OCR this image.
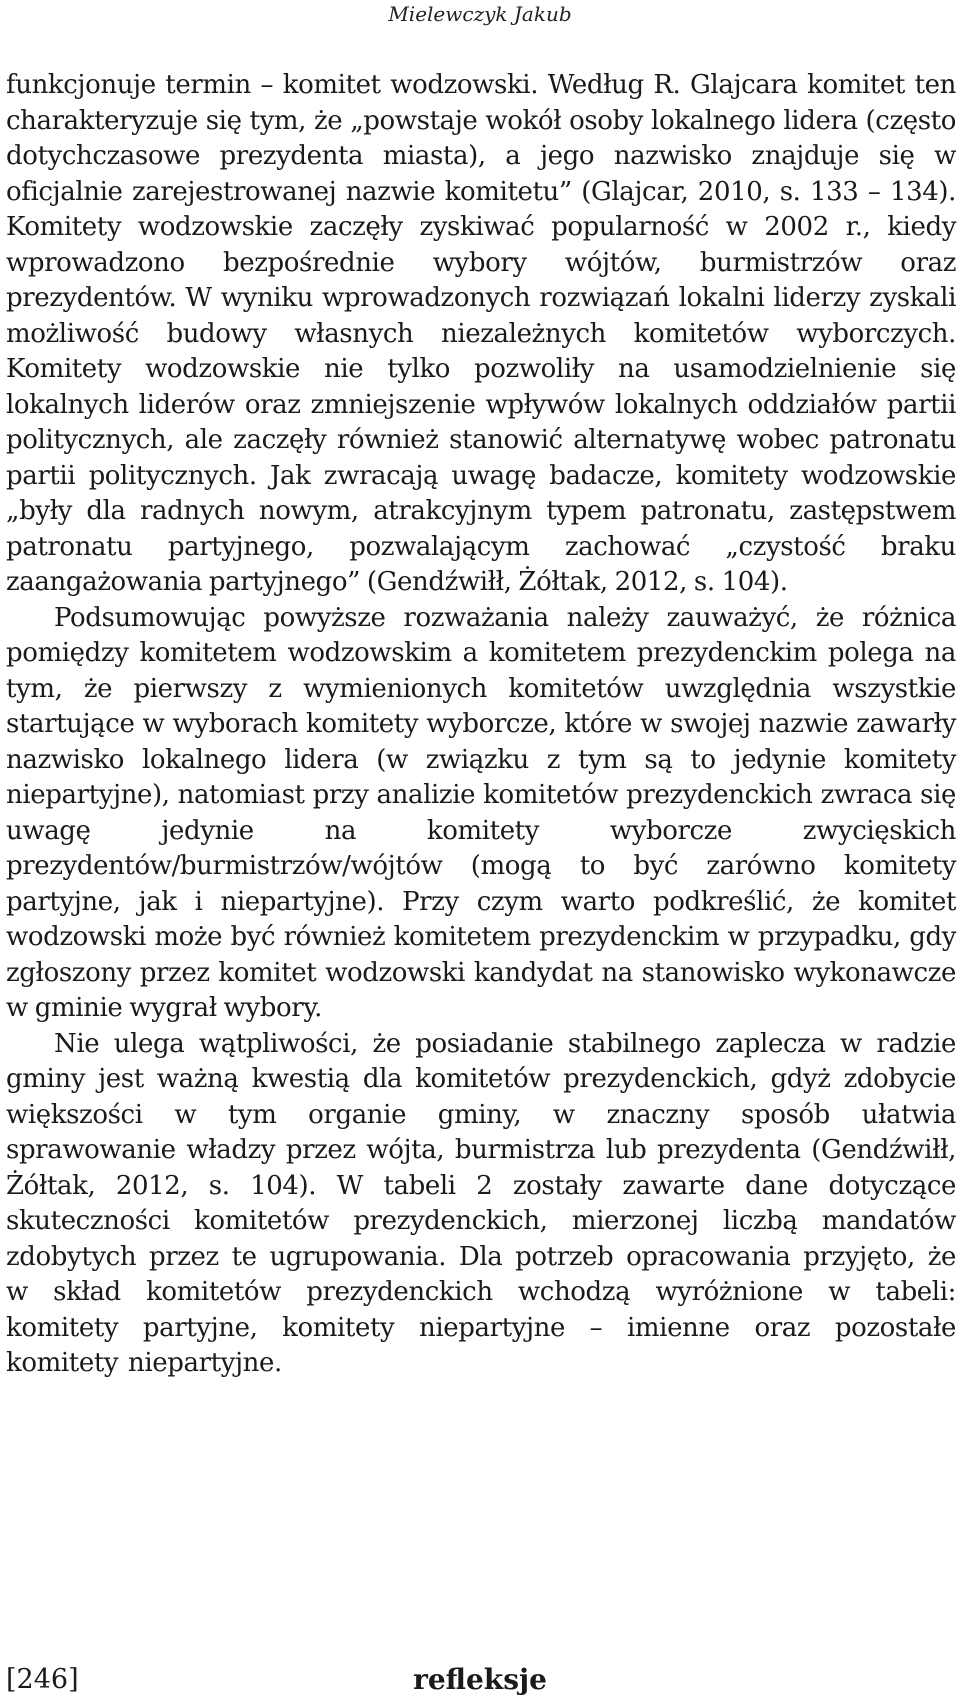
Mielewczyk Jakub

funkcjonuje termin – komitet wodzowski. Według R. Glajcara komitet ten charakteryzuje się tym, że „powstaje wokół osoby lokalnego lidera (często dotychczasowe prezydenta miasta), a jego nazwisko znajduje się w oficjalnie zarejestrowanej nazwie komitetu” (Glajcar, 2010, s. 133 – 134). Komitety wodzowskie zaczęły zyskiwać popularność w 2002 r., kiedy wprowadzono bezpośrednie wybory wójtów, burmistrzów oraz prezydentów. W wyniku wprowadzonych rozwiązań lokalni liderzy zyskali możliwość budowy własnych niezależnych komitetów wyborczych. Komitety wodzowskie nie tylko pozwoliły na usamodzielnienie się lokalnych liderów oraz zmniejszenie wpływów lokalnych oddziałów partii politycznych, ale zaczęły również stanowić alternatywę wobec patronatu partii politycznych. Jak zwracają uwagę badacze, komitety wodzowskie „były dla radnych nowym, atrakcyjnym typem patronatu, zastępstwem patronatu partyjnego, pozwalającym zachować „czystość braku zaangażowania partyjnego” (Gendźwiłł, Żółtak, 2012, s. 104).

Podsumowując powyższe rozważania należy zauważyć, że różnica pomiędzy komitetem wodzowskim a komitetem prezydenckim polega na tym, że pierwszy z wymienionych komitetów uwzględnia wszystkie startujące w wyborach komitety wyborcze, które w swojej nazwie zawarły nazwisko lokalnego lidera (w związku z tym są to jedynie komitety niepartyjne), natomiast przy analizie komitetów prezydenckich zwraca się uwagę jedynie na komitety wyborcze zwycięskich prezydentów/burmistrzów/wójtów (mogą to być zarówno komitety partyjne, jak i niepartyjne). Przy czym warto podkreślić, że komitet wodzowski może być również komitetem prezydenckim w przypadku, gdy zgłoszony przez komitet wodzowski kandydat na stanowisko wykonawcze w gminie wygrał wybory.

Nie ulega wątpliwości, że posiadanie stabilnego zaplecza w radzie gminy jest ważną kwestią dla komitetów prezydenckich, gdyż zdobycie większości w tym organie gminy, w znaczny sposób ułatwia sprawowanie władzy przez wójta, burmistrza lub prezydenta (Gendźwiłł, Żółtak, 2012, s. 104). W tabeli 2 zostały zawarte dane dotyczące skuteczności komitetów prezydenckich, mierzonej liczbą mandatów zdobytych przez te ugrupowania. Dla potrzeb opracowania przyjęto, że w skład komitetów prezydenckich wchodzą wyróżnione w tabeli: komitety partyjne, komitety niepartyjne – imienne oraz pozostałe komitety niepartyjne.

[246]	refleksje
